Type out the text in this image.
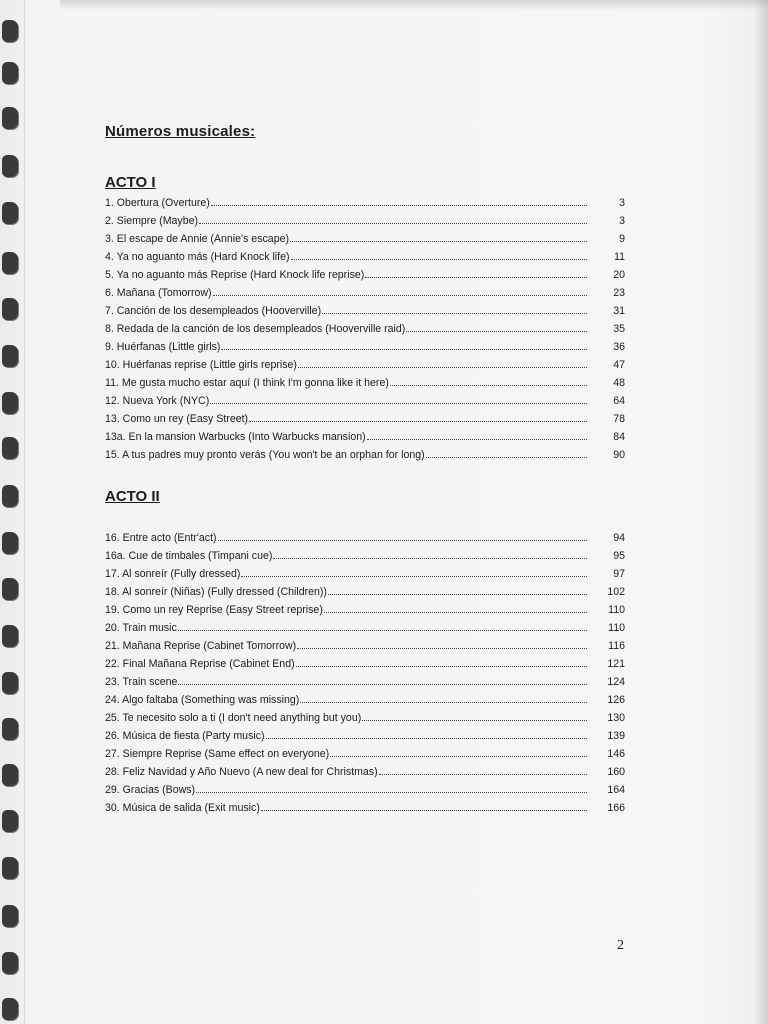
Números musicales:
ACTO I
1. Obertura (Overture)	3
2. Siempre (Maybe)	3
3. El escape de Annie (Annie's escape)	9
4. Ya no aguanto más (Hard Knock life)	11
5. Ya no aguanto más Reprise (Hard Knock life reprise)	20
6. Mañana (Tomorrow)	23
7. Canción de los desempleados (Hooverville)	31
8. Redada de la canción de los desempleados (Hooverville raid)	35
9. Huérfanas (Little girls)	36
10. Huérfanas reprise (Little girls reprise)	47
11. Me gusta mucho estar aquí (I think I'm gonna like it here)	48
12. Nueva York (NYC)	64
13. Como un rey (Easy Street)	78
13a. En la mansion Warbucks (Into Warbucks mansion)	84
15. A tus padres muy pronto verás (You won't be an orphan for long)	90
ACTO II
16. Entre acto (Entr'act)	94
16a. Cue de timbales (Timpani cue)	95
17. Al sonreír (Fully dressed)	97
18. Al sonreír (Niñas) (Fully dressed (Children))	102
19. Como un rey Reprise (Easy Street reprise)	110
20. Train music	110
21. Mañana Reprise (Cabinet Tomorrow)	116
22. Final Mañana Reprise (Cabinet End)	121
23. Train scene	124
24. Algo faltaba (Something was missing)	126
25. Te necesito solo a ti (I don't need anything but you)	130
26. Música de fiesta (Party music)	139
27. Siempre Reprise (Same effect on everyone)	146
28. Feliz Navidad y Año Nuevo (A new deal for Christmas)	160
29. Gracias (Bows)	164
30. Música de salida (Exit music)	166
2
